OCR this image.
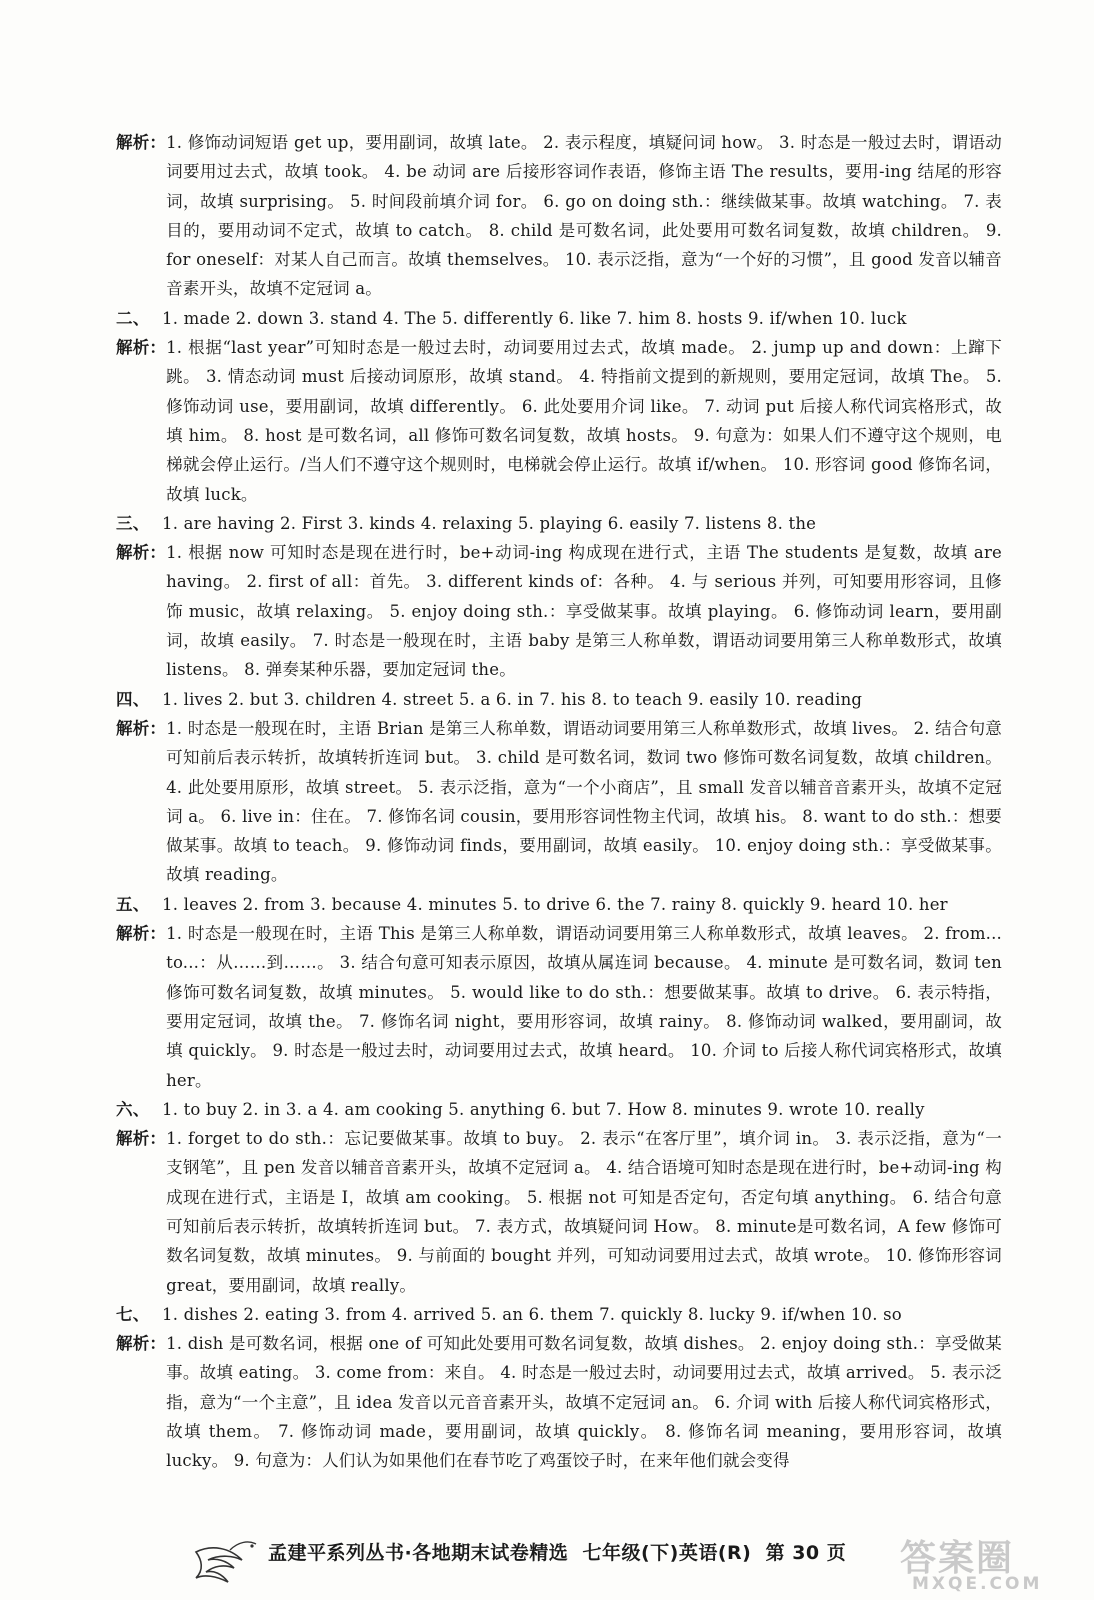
解析： 1. 修饰动词短语 get up，要用副词，故填 late。 2. 表示程度，填疑问词 how。 3. 时态是一般过去时，谓语动词要用过去式，故填 took。 4. be 动词 are 后接形容词作表语，修饰主语 The results，要用-ing 结尾的形容词，故填 surprising。 5. 时间段前填介词 for。 6. go on doing sth.：继续做某事。故填 watching。 7. 表目的，要用动词不定式，故填 to catch。 8. child 是可数名词，此处要用可数名词复数，故填 children。 9. for oneself：对某人自己而言。故填 themselves。 10. 表示泛指，意为“一个好的习惯”，且 good 发音以辅音音素开头，故填不定冠词 a。

二、 1. made 2. down 3. stand 4. The 5. differently 6. like 7. him 8. hosts 9. if/when 10. luck
解析： 1. 根据“last year”可知时态是一般过去时，动词要用过去式，故填 made。 2. jump up and down：上蹿下跳。 3. 情态动词 must 后接动词原形，故填 stand。 4. 特指前文提到的新规则，要用定冠词，故填 The。 5. 修饰动词 use，要用副词，故填 differently。 6. 此处要用介词 like。 7. 动词 put 后接人称代词宾格形式，故填 him。 8. host 是可数名词，all 修饰可数名词复数，故填 hosts。 9. 句意为：如果人们不遵守这个规则，电梯就会停止运行。/当人们不遵守这个规则时，电梯就会停止运行。故填 if/when。 10. 形容词 good 修饰名词，故填 luck。

三、 1. are having 2. First 3. kinds 4. relaxing 5. playing 6. easily 7. listens 8. the
解析： 1. 根据 now 可知时态是现在进行时，be+动词-ing 构成现在进行式，主语 The students 是复数，故填 are having。 2. first of all：首先。 3. different kinds of：各种。 4. 与 serious 并列，可知要用形容词，且修饰 music，故填 relaxing。 5. enjoy doing sth.：享受做某事。故填 playing。 6. 修饰动词 learn，要用副词，故填 easily。 7. 时态是一般现在时，主语 baby 是第三人称单数，谓语动词要用第三人称单数形式，故填 listens。 8. 弹奏某种乐器，要加定冠词 the。

四、 1. lives 2. but 3. children 4. street 5. a 6. in 7. his 8. to teach 9. easily 10. reading
解析： 1. 时态是一般现在时，主语 Brian 是第三人称单数，谓语动词要用第三人称单数形式，故填 lives。 2. 结合句意可知前后表示转折，故填转折连词 but。 3. child 是可数名词，数词 two 修饰可数名词复数，故填 children。 4. 此处要用原形，故填 street。 5. 表示泛指，意为“一个小商店”，且 small 发音以辅音音素开头，故填不定冠词 a。 6. live in：住在。 7. 修饰名词 cousin，要用形容词性物主代词，故填 his。 8. want to do sth.：想要做某事。故填 to teach。 9. 修饰动词 finds，要用副词，故填 easily。 10. enjoy doing sth.：享受做某事。故填 reading。

五、 1. leaves 2. from 3. because 4. minutes 5. to drive 6. the 7. rainy 8. quickly 9. heard 10. her
解析： 1. 时态是一般现在时，主语 This 是第三人称单数，谓语动词要用第三人称单数形式，故填 leaves。 2. from... to...：从……到……。 3. 结合句意可知表示原因，故填从属连词 because。 4. minute 是可数名词，数词 ten 修饰可数名词复数，故填 minutes。 5. would like to do sth.：想要做某事。故填 to drive。 6. 表示特指，要用定冠词，故填 the。 7. 修饰名词 night，要用形容词，故填 rainy。 8. 修饰动词 walked，要用副词，故填 quickly。 9. 时态是一般过去时，动词要用过去式，故填 heard。 10. 介词 to 后接人称代词宾格形式，故填 her。

六、 1. to buy 2. in 3. a 4. am cooking 5. anything 6. but 7. How 8. minutes 9. wrote 10. really
解析： 1. forget to do sth.：忘记要做某事。故填 to buy。 2. 表示“在客厅里”，填介词 in。 3. 表示泛指，意为“一支钢笔”，且 pen 发音以辅音音素开头，故填不定冠词 a。 4. 结合语境可知时态是现在进行时，be+动词-ing 构成现在进行式，主语是 I，故填 am cooking。 5. 根据 not 可知是否定句，否定句填 anything。 6. 结合句意可知前后表示转折，故填转折连词 but。 7. 表方式，故填疑问词 How。 8. minute是可数名词，A few 修饰可数名词复数，故填 minutes。 9. 与前面的 bought 并列，可知动词要用过去式，故填 wrote。 10. 修饰形容词 great，要用副词，故填 really。

七、 1. dishes 2. eating 3. from 4. arrived 5. an 6. them 7. quickly 8. lucky 9. if/when 10. so
解析： 1. dish 是可数名词，根据 one of 可知此处要用可数名词复数，故填 dishes。 2. enjoy doing sth.：享受做某事。故填 eating。 3. come from：来自。 4. 时态是一般过去时，动词要用过去式，故填 arrived。 5. 表示泛指，意为“一个主意”，且 idea 发音以元音音素开头，故填不定冠词 an。 6. 介词 with 后接人称代词宾格形式，故填 them。 7. 修饰动词 made，要用副词，故填 quickly。 8. 修饰名词 meaning，要用形容词，故填 lucky。 9. 句意为：人们认为如果他们在春节吃了鸡蛋饺子时，在来年他们就会变得

孟建平系列丛书·各地期末试卷精选 七年级(下)英语(R) 第 30 页 答案圈
MXQE.COM
